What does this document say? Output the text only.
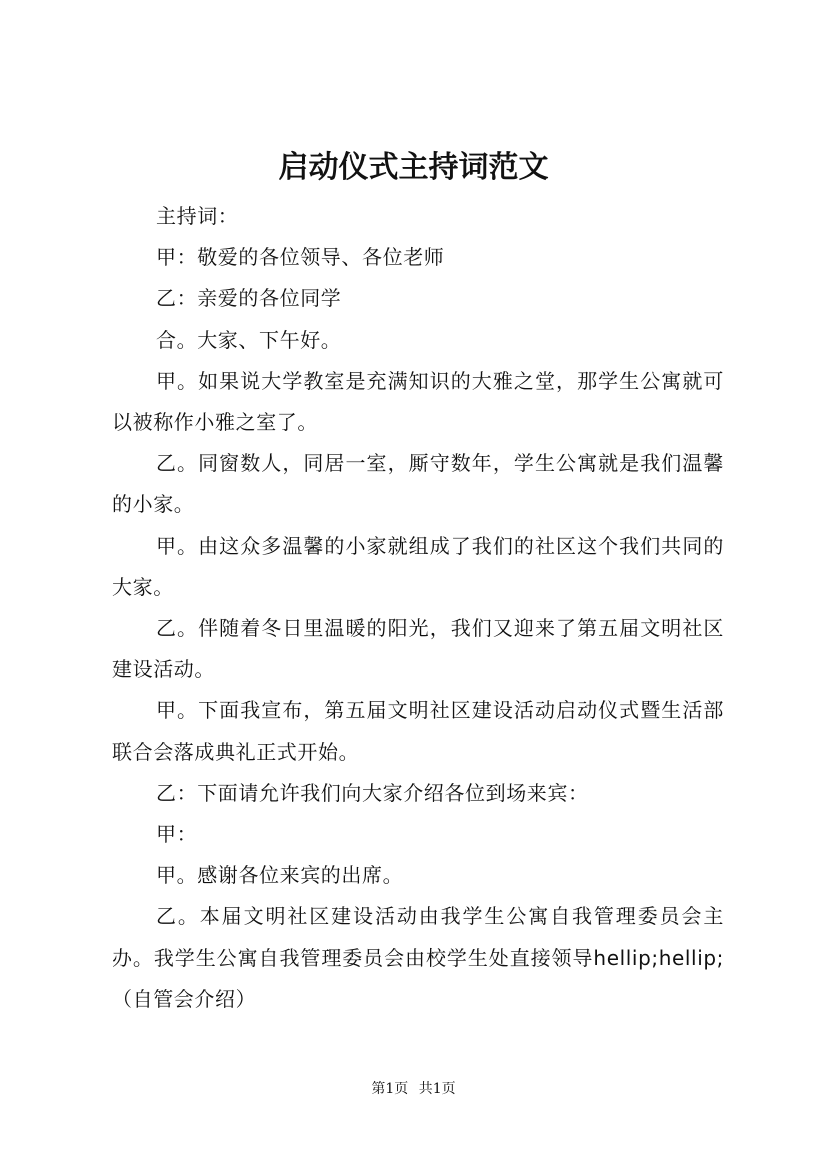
启动仪式主持词范文

主持词：

甲：敬爱的各位领导、各位老师

乙：亲爱的各位同学

合。大家、下午好。

甲。如果说大学教室是充满知识的大雅之堂，那学生公寓就可以被称作小雅之室了。

乙。同窗数人，同居一室，厮守数年，学生公寓就是我们温馨的小家。

甲。由这众多温馨的小家就组成了我们的社区这个我们共同的大家。

乙。伴随着冬日里温暖的阳光，我们又迎来了第五届文明社区建设活动。

甲。下面我宣布，第五届文明社区建设活动启动仪式暨生活部联合会落成典礼正式开始。

乙：下面请允许我们向大家介绍各位到场来宾：

甲：

甲。感谢各位来宾的出席。

乙。本届文明社区建设活动由我学生公寓自我管理委员会主办。我学生公寓自我管理委员会由校学生处直接领导hellip;hellip;（自管会介绍）

第1页 共1页
